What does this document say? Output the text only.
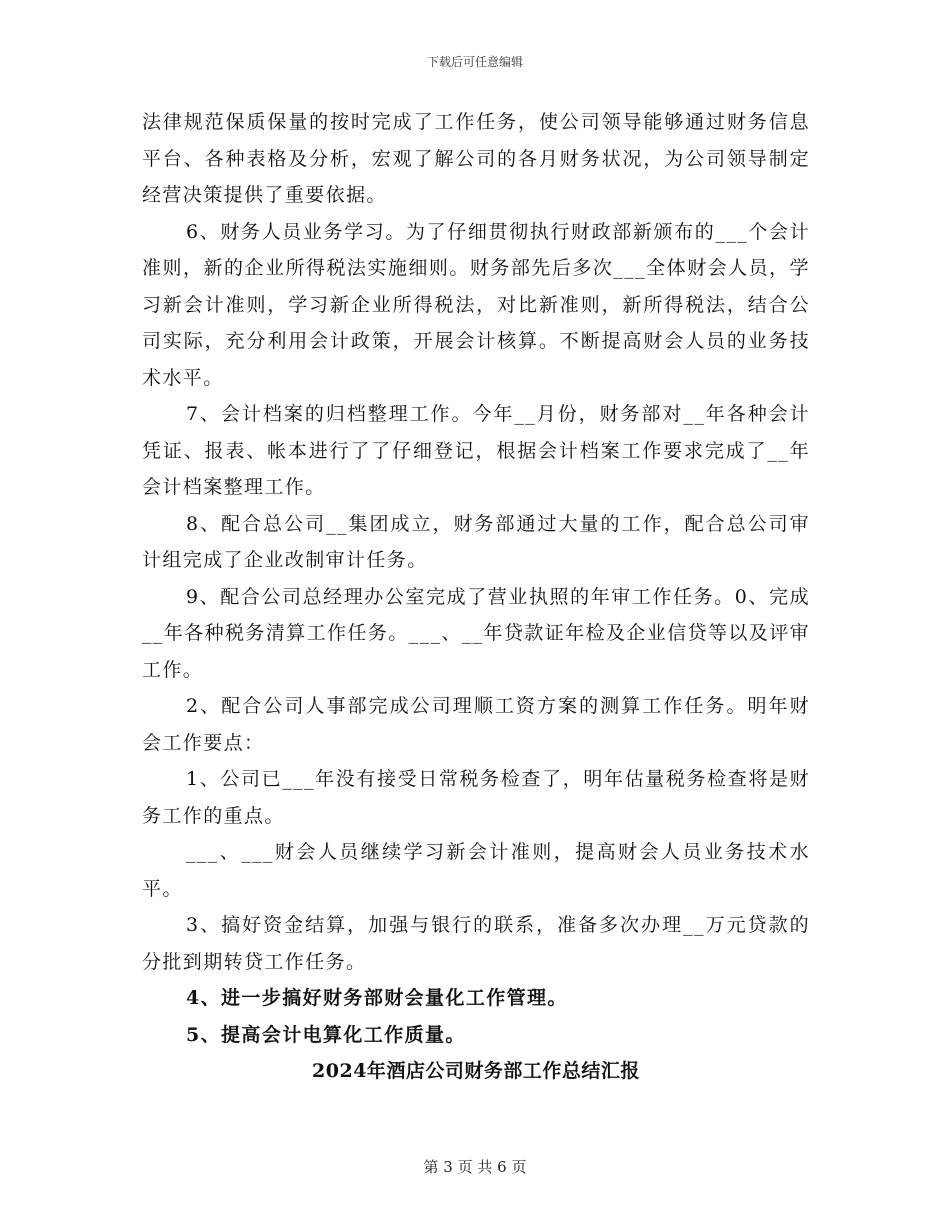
下载后可任意编辑

法律规范保质保量的按时完成了工作任务，使公司领导能够通过财务信息平台、各种表格及分析，宏观了解公司的各月财务状况，为公司领导制定经营决策提供了重要依据。

6、财务人员业务学习。为了仔细贯彻执行财政部新颁布的___个会计准则，新的企业所得税法实施细则。财务部先后多次___全体财会人员，学习新会计准则，学习新企业所得税法，对比新准则，新所得税法，结合公司实际，充分利用会计政策，开展会计核算。不断提高财会人员的业务技术水平。

7、会计档案的归档整理工作。今年__月份，财务部对__年各种会计凭证、报表、帐本进行了了仔细登记，根据会计档案工作要求完成了__年会计档案整理工作。

8、配合总公司__集团成立，财务部通过大量的工作，配合总公司审计组完成了企业改制审计任务。

9、配合公司总经理办公室完成了营业执照的年审工作任务。0、完成__年各种税务清算工作任务。___、__年贷款证年检及企业信贷等以及评审工作。

2、配合公司人事部完成公司理顺工资方案的测算工作任务。明年财会工作要点：

1、公司已___年没有接受日常税务检查了，明年估量税务检查将是财务工作的重点。

___、___财会人员继续学习新会计准则，提高财会人员业务技术水平。

3、搞好资金结算，加强与银行的联系，准备多次办理__万元贷款的分批到期转贷工作任务。

4、进一步搞好财务部财会量化工作管理。

5、提高会计电算化工作质量。

2024年酒店公司财务部工作总结汇报

第 3 页 共 6 页
